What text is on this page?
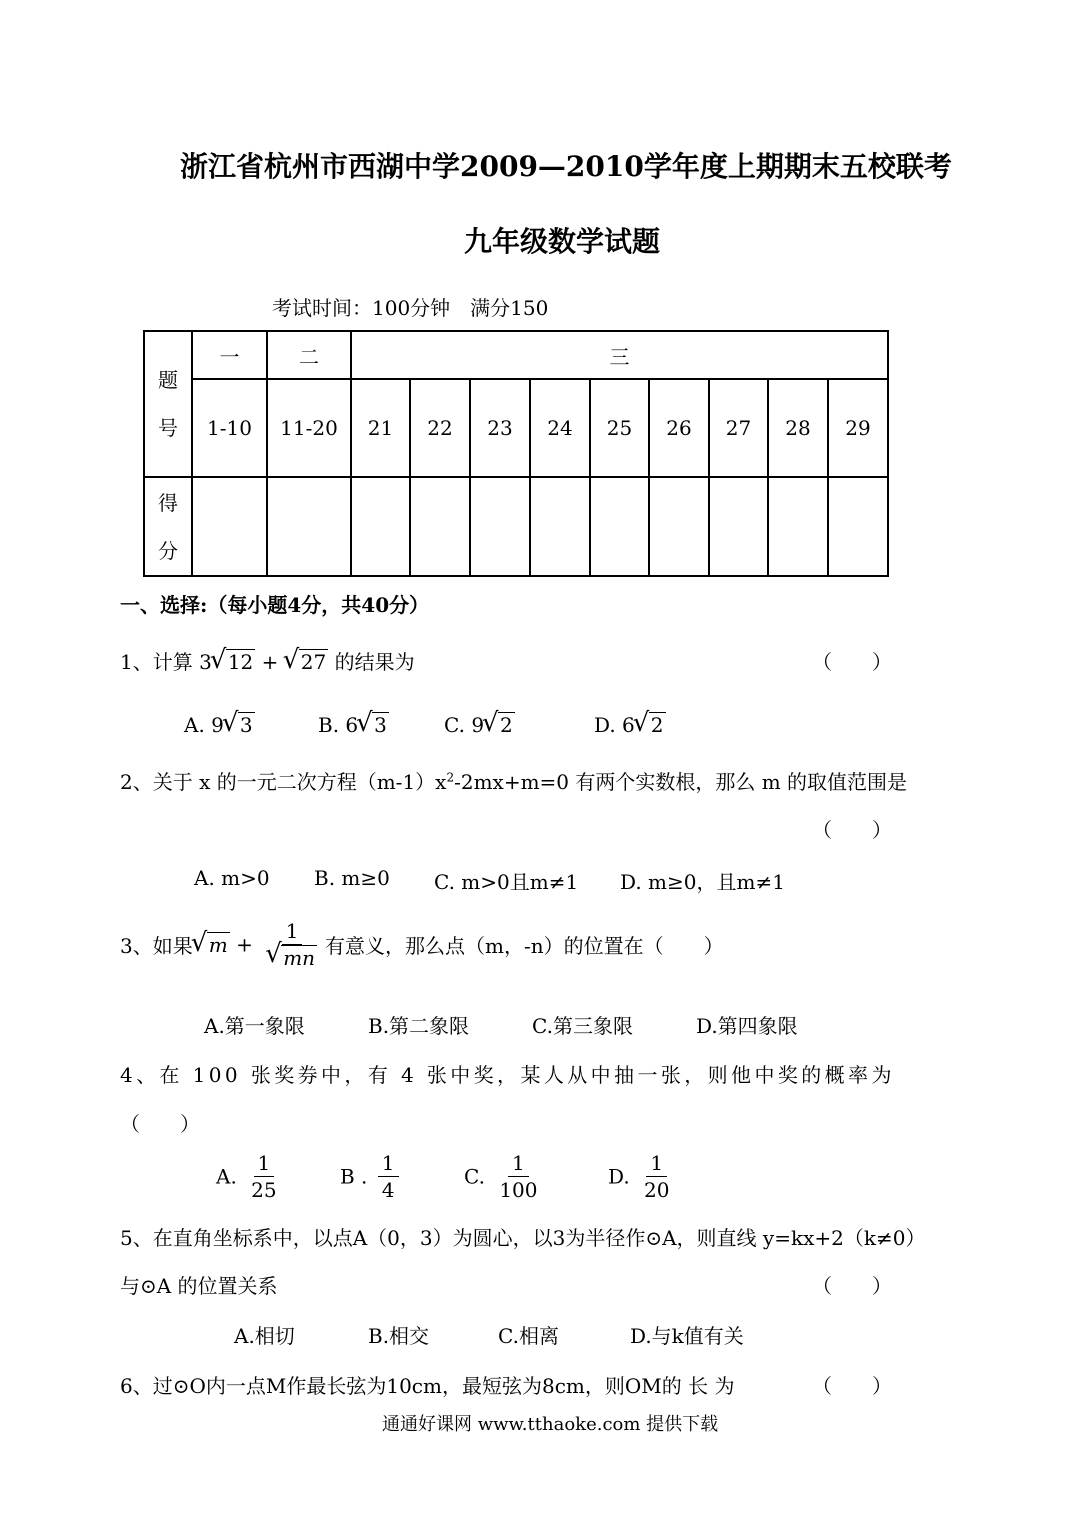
浙江省杭州市西湖中学2009—2010学年度上期期末五校联考
九年级数学试题
考试时间：100分钟　满分150
题
号	一	二	三								
	1-10	11-20	21	22	23	24	25	26	27	28	29

得
分											

一、选择:（每小题4分，共40分）
1、计算 3 √ 12 + √ 27 的结果为	（　　）
A. 9 √ 3	B. 6 √ 3	C. 9 √ 2	D. 6 √ 2
2、关于 x 的一元二次方程$(m-1)x^2-2mx+m=0$ 有两个实数根，那么 m 的取值范围是
（　　）
A. m>0 B. m≥0 C. m>0且m≠1 D. m≥0，且m≠1
3、如果 √ m + 1
√ mn 有意义，那么点（m，-n）的位置在（　　）
A.第一象限	B.第二象限	C.第三象限	D.第四象限
4、在 100 张奖券中，有 4 张中奖，某人从中抽一张，则他中奖的概率为
（　　）
A. $\frac{1}{25}$	B . $\frac{1}{4}$	C. $\frac{1}{100}$	D. $\frac{1}{20}$
5、在直角坐标系中，以点A（0，3）为圆心，以3为半径作⊙A，则直线 y=kx+2（k≠0）
与⊙A 的位置关系	（　　）
A.相切	B.相交	C.相离	D.与k值有关
6、过⊙O内一点M作最长弦为10cm，最短弦为8cm，则OM的 长 为	（　　）
通通好课网 www.tthaoke.com 提供下载
